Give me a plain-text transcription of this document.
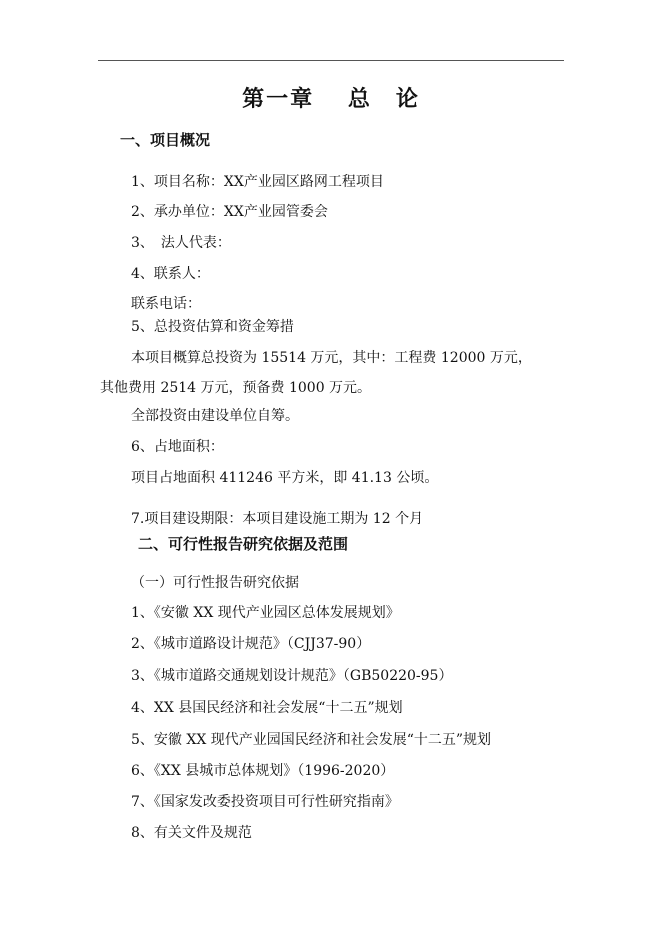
第一章　 总　论
一、项目概况
1、项目名称：XX产业园区路网工程项目
2、承办单位：XX产业园管委会
3、　法人代表：
4、联系人：
联系电话：
5、总投资估算和资金筹措
本项目概算总投资为 15514 万元，其中：工程费 12000 万元，
其他费用 2514 万元，预备费 1000 万元。
全部投资由建设单位自筹。
6、占地面积：
项目占地面积 411246 平方米，即 41.13 公顷。
7.项目建设期限：本项目建设施工期为 12 个月
二、可行性报告研究依据及范围
（一）可行性报告研究依据
1、《安徽 XX 现代产业园区总体发展规划》
2、《城市道路设计规范》（CJJ37-90）
3、《城市道路交通规划设计规范》（GB50220-95）
4、XX 县国民经济和社会发展“十二五”规划
5、安徽 XX 现代产业园国民经济和社会发展“十二五”规划
6、《XX 县城市总体规划》（1996-2020）
7、《国家发改委投资项目可行性研究指南》
8、有关文件及规范
